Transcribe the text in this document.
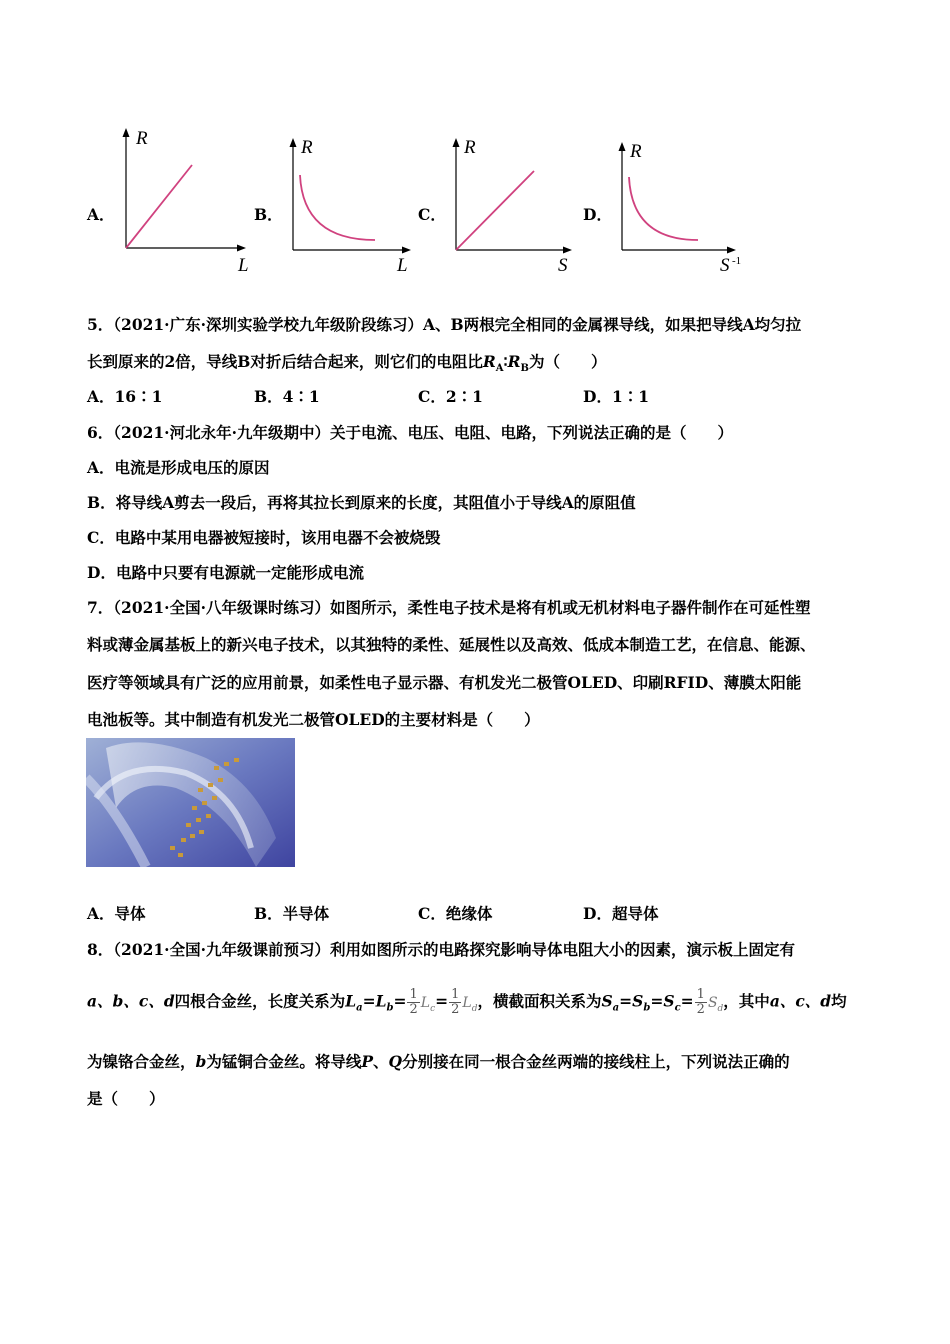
A．	B．	C．	D．
R
L
R
L
R
S
R
S -1
5．（2021·广东·深圳实验学校九年级阶段练习）A、B两根完全相同的金属裸导线，如果把导线A均匀拉
长到原来的2倍，导线B对折后结合起来，则它们的电阻比$R_A∶R_B$为（　　）
A．16∶1	B．4∶1	C．2∶1	D．1∶1
6．（2021·河北永年·九年级期中）关于电流、电压、电阻、电路，下列说法正确的是（　　）
A．电流是形成电压的原因
B．将导线A剪去一段后，再将其拉长到原来的长度，其阻值小于导线A的原阻值
C．电路中某用电器被短接时，该用电器不会被烧毁
D．电路中只要有电源就一定能形成电流
7．（2021·全国·八年级课时练习）如图所示，柔性电子技术是将有机或无机材料电子器件制作在可延性塑
料或薄金属基板上的新兴电子技术，以其独特的柔性、延展性以及高效、低成本制造工艺，在信息、能源、
医疗等领域具有广泛的应用前景，如柔性电子显示器、有机发光二极管OLED、印刷RFID、薄膜太阳能
电池板等。其中制造有机发光二极管OLED的主要材料是（　　）
A．导体	B．半导体	C．绝缘体	D．超导体
8．（2021·全国·九年级课前预习）利用如图所示的电路探究影响导体电阻大小的因素，演示板上固定有
a、b、c、d四根合金丝，长度关系为$L_a=L_b= \frac{1}{2} L_c= \frac{1}{2} L_d$，横截面积关系为$S_a=S_b=S_c= \frac{1}{2} S_d$，其中a、c、d均
为镍铬合金丝，b为锰铜合金丝。将导线P、Q分别接在同一根合金丝两端的接线柱上，下列说法正确的
是（　　）
